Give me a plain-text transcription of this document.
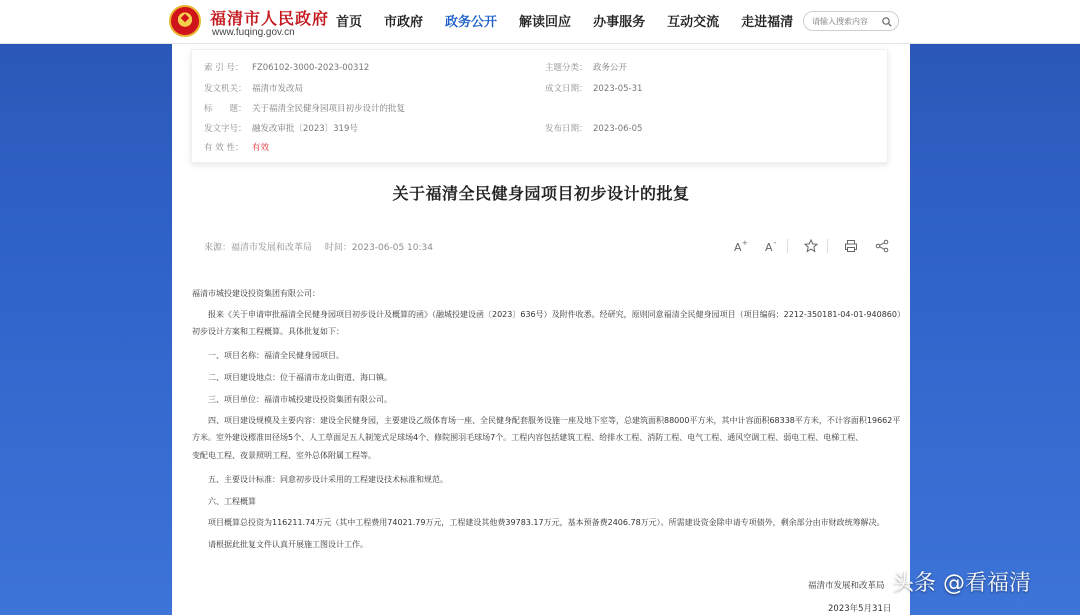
福清市人民政府
www.fuqing.gov.cn
首页 市政府 政务公开 解读回应 办事服务 互动交流 走进福清
请输入搜索内容
索 引 号： FZ06102-3000-2023-00312	主题分类： 政务公开
发文机关： 福清市发改局	成文日期： 2023-05-31
标　　题： 关于福清全民健身园项目初步设计的批复
发文字号： 融发改审批〔2023〕319号	发布日期： 2023-06-05
有 效 性： 有效
关于福清全民健身园项目初步设计的批复
来源：福清市发展和改革局 时间：2023-06-05 10:34	A + A -
福清市城投建设投资集团有限公司：
报来《关于申请审批福清全民健身园项目初步设计及概算的函》（融城投建设函〔2023〕636号）及附件收悉。经研究，原则同意福清全民健身园项目（项目编码：2212-350181-04-01-940860）
初步设计方案和工程概算。具体批复如下：
一、项目名称：福清全民健身园项目。
二、项目建设地点：位于福清市龙山街道、海口镇。
三、项目单位：福清市城投建设投资集团有限公司。
四、项目建设规模及主要内容：建设全民健身园，主要建设乙级体育场一座、全民健身配套服务设施一座及地下室等，总建筑面积88000平方米，其中计容面积68338平方米，不计容面积19662平
方米。室外建设標准田径场5个、人工草面足五人制笼式足球场4个、修院围羽毛球场7个。工程内容包括建筑工程、给排水工程、消防工程、电气工程、通风空调工程、弱电工程、电梯工程、
变配电工程、夜景照明工程、室外总体附属工程等。
五、主要设计标准：同意初步设计采用的工程建设技术标准和规范。
六、工程概算
项目概算总投资为116211.74万元（其中工程费用74021.79万元，工程建设其他费39783.17万元，基本预备费2406.78万元）。所需建设资金除申请专项债外，剩余部分由市财政统筹解决。
请根据此批复文件认真开展施工图设计工作。
福清市发展和改革局
2023年5月31日
头条 @看福清
